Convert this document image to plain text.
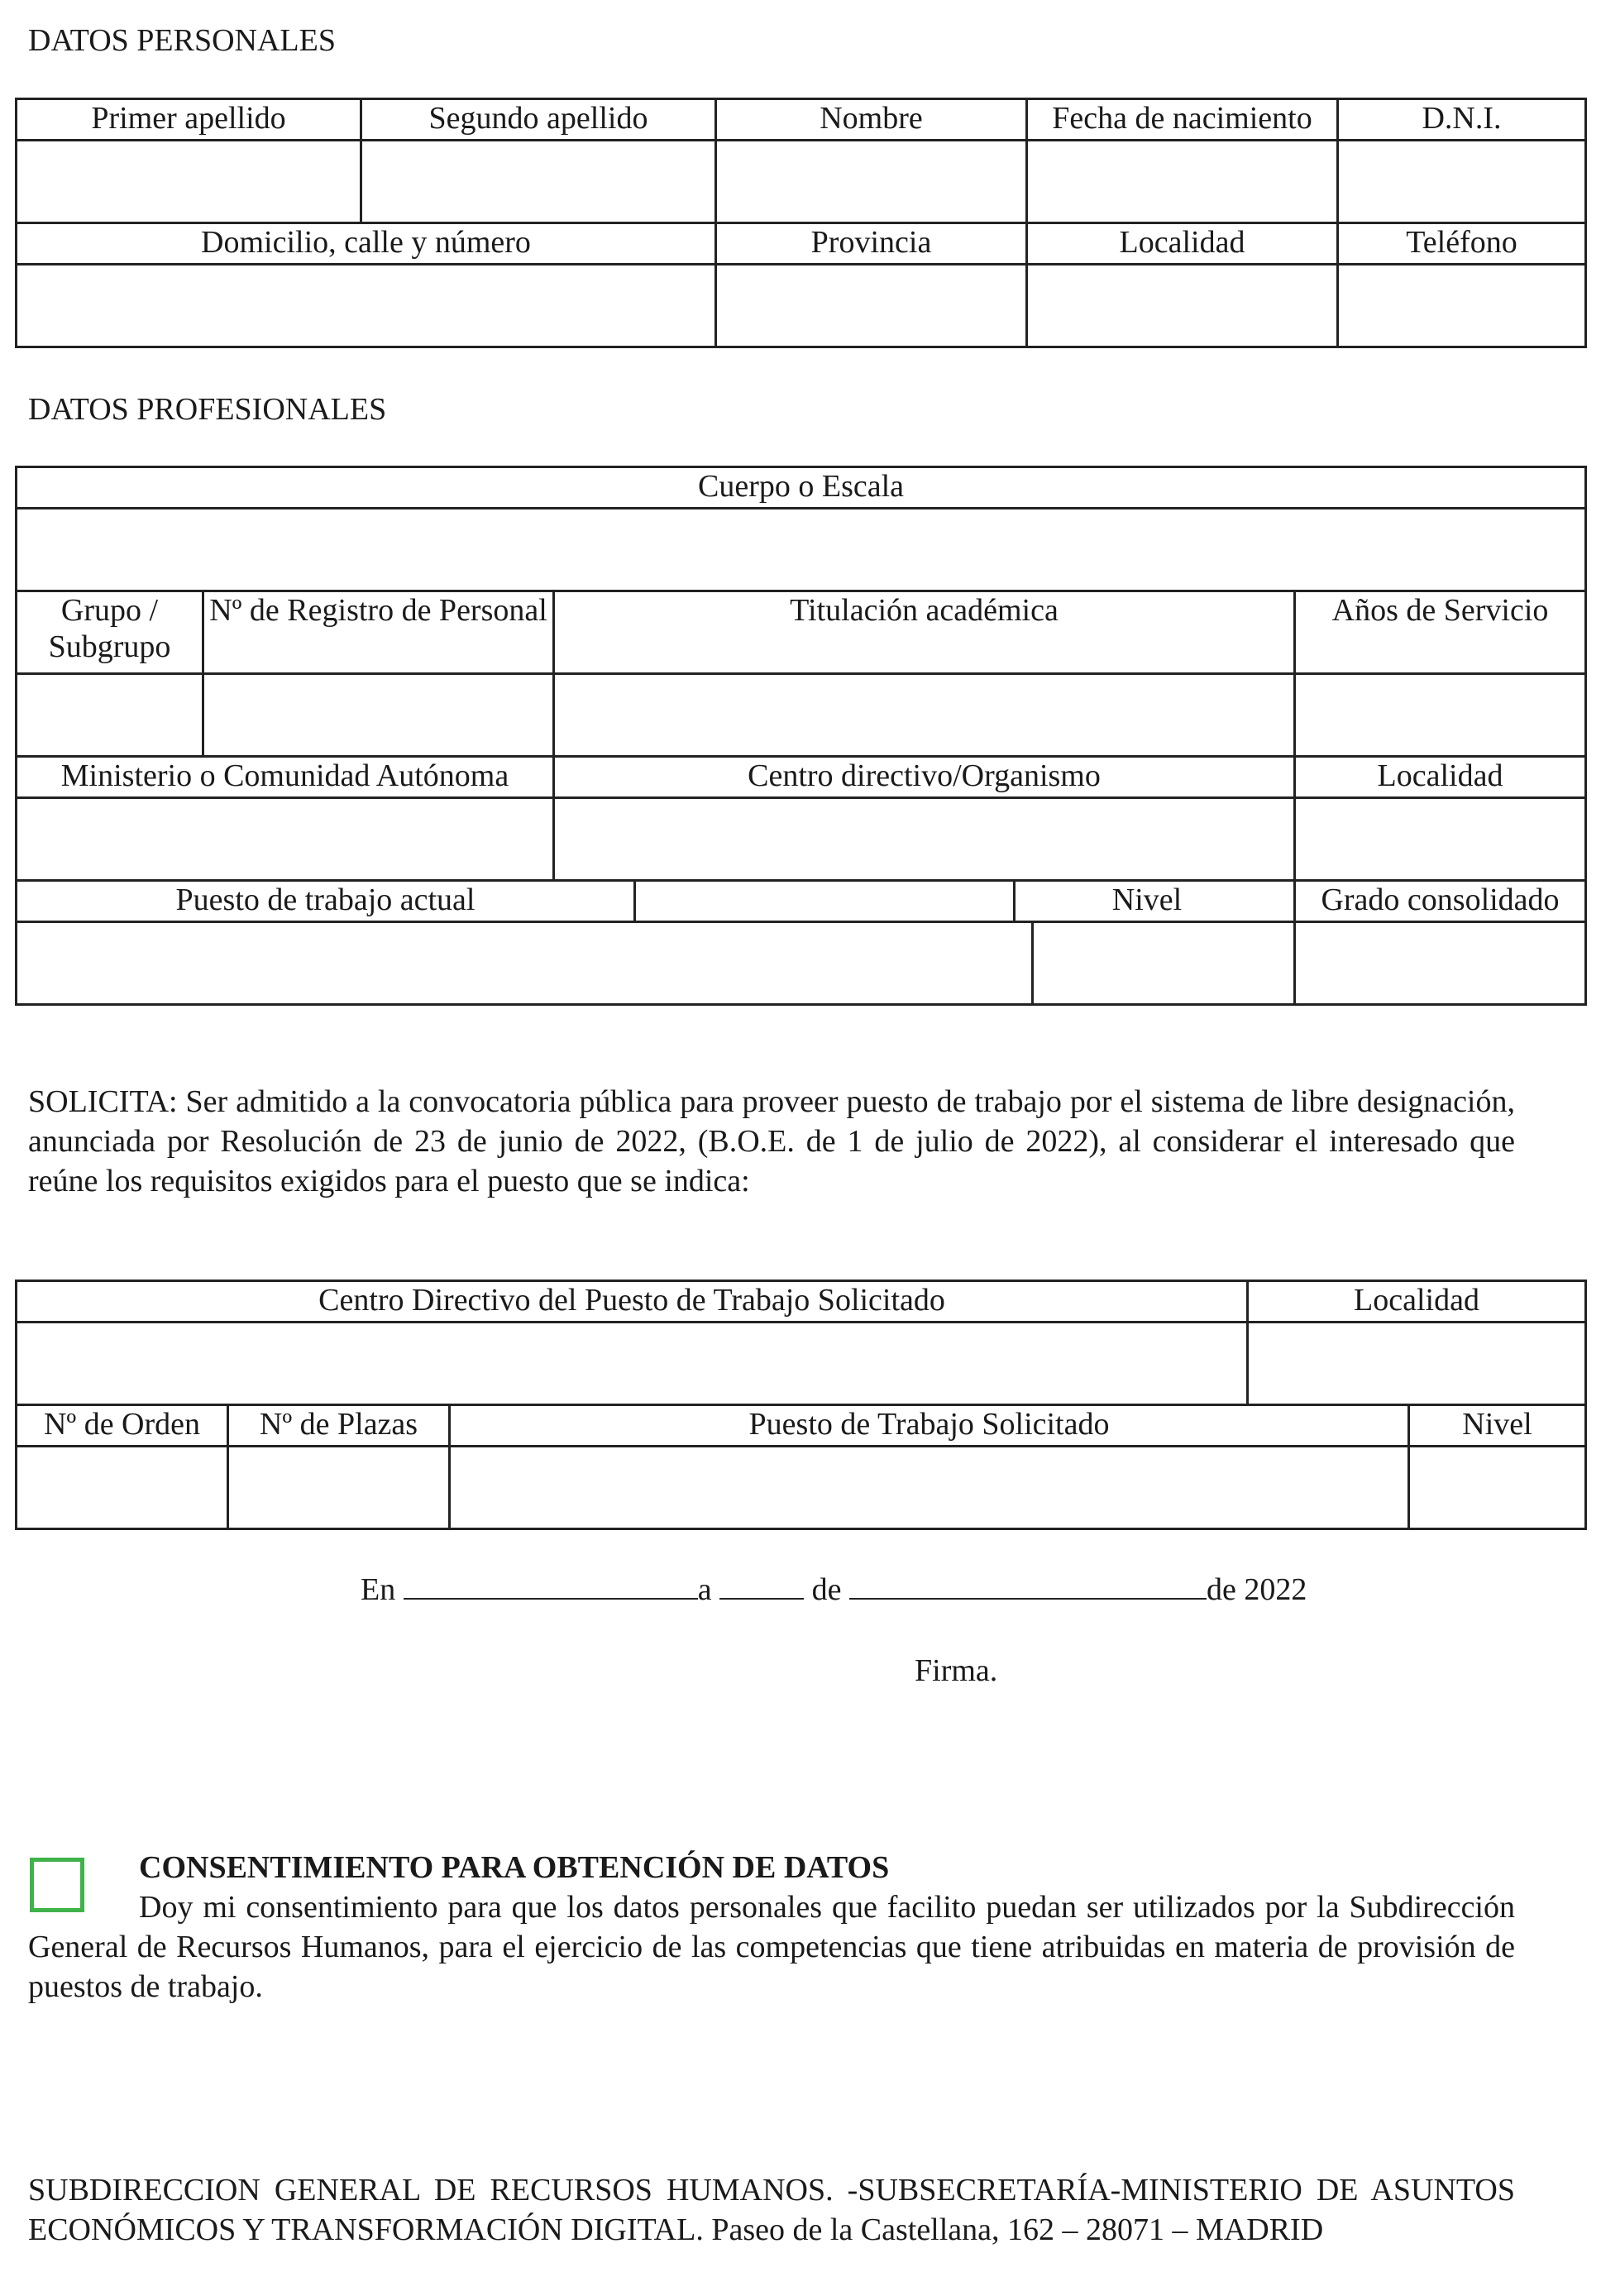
DATOS PERSONALES
Primer apellido	Segundo apellido	Nombre	Fecha de nacimiento	D.N.I.

Domicilio, calle y número		Provincia	Localidad	Teléfono

DATOS PROFESIONALES
Cuerpo o Escala				

Grupo / Subgrupo	Nº de Registro de Personal	Titulación académica		Años de Servicio

Ministerio o Comunidad Autónoma		Centro directivo/Organismo		Localidad

Puesto de trabajo actual			Nivel	Grado consolidado

SOLICITA: Ser admitido a la convocatoria pública para proveer puesto de trabajo por el sistema de libre designación, anunciada por Resolución de 23 de junio de 2022, (B.O.E. de 1 de julio de 2022), al considerar el interesado que reúne los requisitos exigidos para el puesto que se indica:
Centro Directivo del Puesto de Trabajo Solicitado			Localidad	

Nº de Orden	Nº de Plazas	Puesto de Trabajo Solicitado		Nivel

En	a	de	de 2022
Firma.
CONSENTIMIENTO PARA OBTENCIÓN DE DATOS
Doy mi consentimiento para que los datos personales que facilito puedan ser utilizados por la Subdirección General de Recursos Humanos, para el ejercicio de las competencias que tiene atribuidas en materia de provisión de puestos de trabajo.
SUBDIRECCION GENERAL DE RECURSOS HUMANOS. -SUBSECRETARÍA-MINISTERIO DE ASUNTOS ECONÓMICOS Y TRANSFORMACIÓN DIGITAL. Paseo de la Castellana, 162 – 28071 – MADRID
